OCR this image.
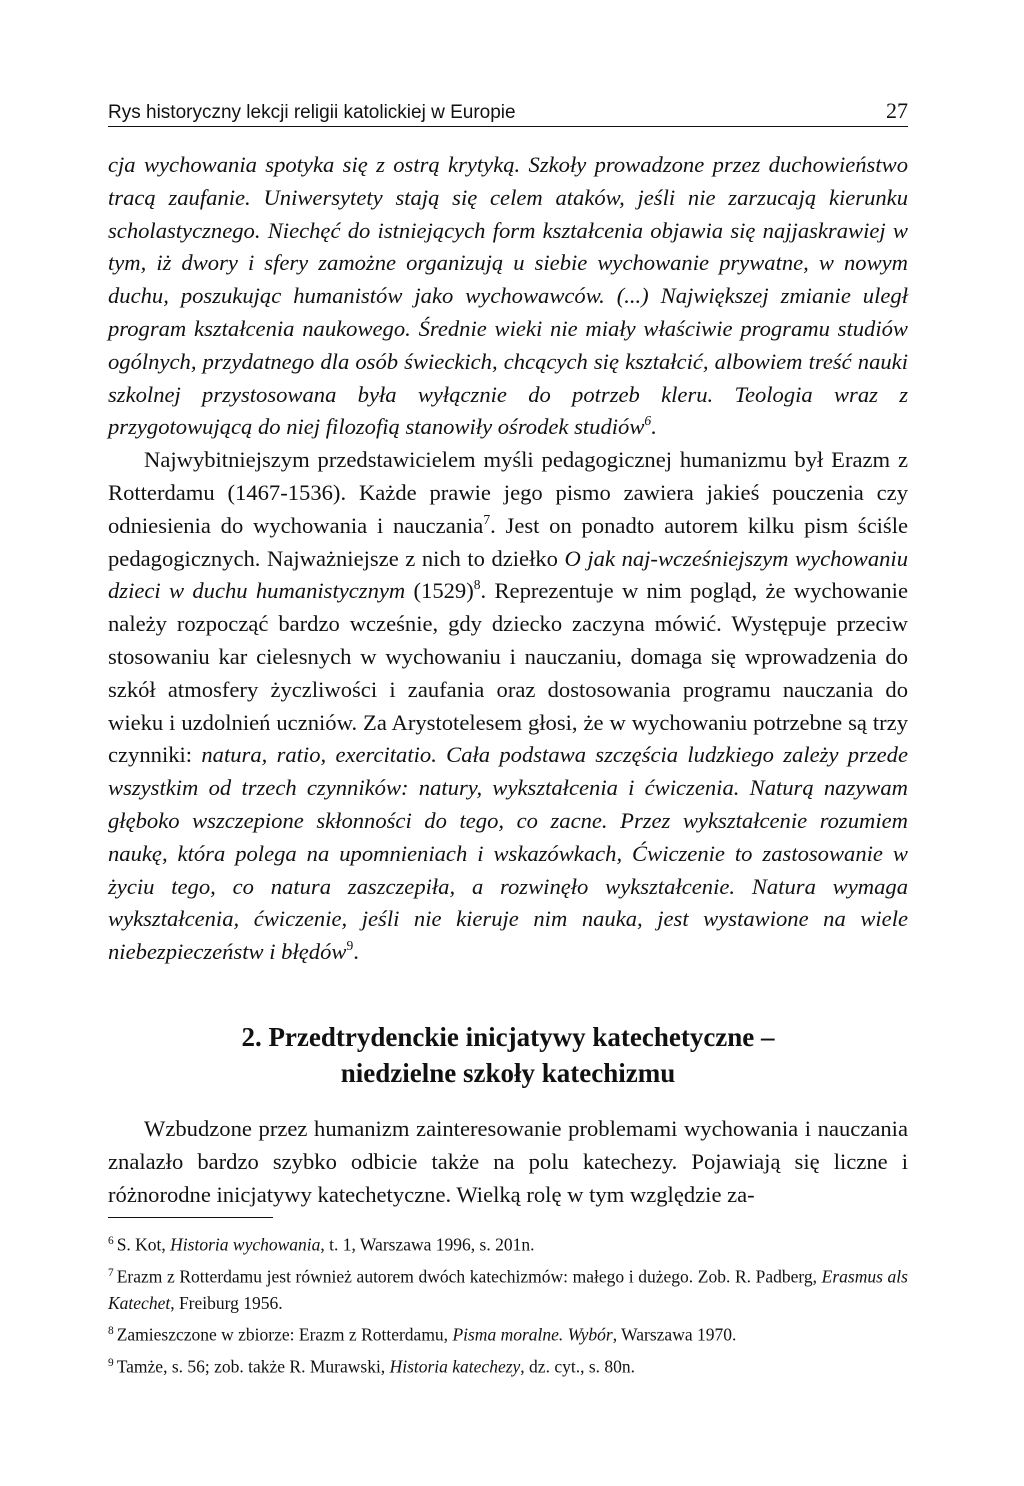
Rys historyczny lekcji religii katolickiej w Europie	27

cja wychowania spotyka się z ostrą krytyką. Szkoły prowadzone przez duchowieństwo tracą zaufanie. Uniwersytety stają się celem ataków, jeśli nie zarzucają kierunku scholastycznego. Niechęć do istniejących form kształcenia objawia się najjaskrawiej w tym, iż dwory i sfery zamożne organizują u siebie wychowanie prywatne, w nowym duchu, poszukując humanistów jako wychowawców. (...) Największej zmianie uległ program kształcenia naukowego. Średnie wieki nie miały właściwie programu studiów ogólnych, przydatnego dla osób świeckich, chcących się kształcić, albowiem treść nauki szkolnej przystosowana była wyłącznie do potrzeb kleru. Teologia wraz z przygotowującą do niej filozofią stanowiły ośrodek studiów$^6$.

Najwybitniejszym przedstawicielem myśli pedagogicznej humanizmu był Erazm z Rotterdamu (1467-1536). Każde prawie jego pismo zawiera jakieś pouczenia czy odniesienia do wychowania i nauczania$^7$. Jest on ponadto autorem kilku pism ściśle pedagogicznych. Najważniejsze z nich to dziełko O jak naj-wcześniejszym wychowaniu dzieci w duchu humanistycznym $(1529)^8$. Reprezentuje w nim pogląd, że wychowanie należy rozpocząć bardzo wcześnie, gdy dziecko zaczyna mówić. Występuje przeciw stosowaniu kar cielesnych w wychowaniu i nauczaniu, domaga się wprowadzenia do szkół atmosfery życzliwości i zaufania oraz dostosowania programu nauczania do wieku i uzdolnień uczniów. Za Arystotelesem głosi, że w wychowaniu potrzebne są trzy czynniki: natura, ratio, exercitatio. Cała podstawa szczęścia ludzkiego zależy przede wszystkim od trzech czynników: natury, wykształcenia i ćwiczenia. Naturą nazywam głęboko wszczepione skłonności do tego, co zacne. Przez wykształcenie rozumiem naukę, która polega na upomnieniach i wskazówkach, Ćwiczenie to zastosowanie w życiu tego, co natura zaszczepiła, a rozwinęło wykształcenie. Natura wymaga wykształcenia, ćwiczenie, jeśli nie kieruje nim nauka, jest wystawione na wiele niebezpieczeństw i błędów$^9$.

2. Przedtrydenckie inicjatywy katechetyczne –
niedzielne szkoły katechizmu

Wzbudzone przez humanizm zainteresowanie problemami wychowania i nauczania znalazło bardzo szybko odbicie także na polu katechezy. Pojawiają się liczne i różnorodne inicjatywy katechetyczne. Wielką rolę w tym względzie za-

$^6$ S. Kot, Historia wychowania, t. 1, Warszawa 1996, s. 201n.

$^7$ Erazm z Rotterdamu jest również autorem dwóch katechizmów: małego i dużego. Zob. R. Padberg, Erasmus als Katechet, Freiburg 1956.

$^8$ Zamieszczone w zbiorze: Erazm z Rotterdamu, Pisma moralne. Wybór, Warszawa 1970.

$^9$ Tamże, s. 56; zob. także R. Murawski, Historia katechezy, dz. cyt., s. 80n.
